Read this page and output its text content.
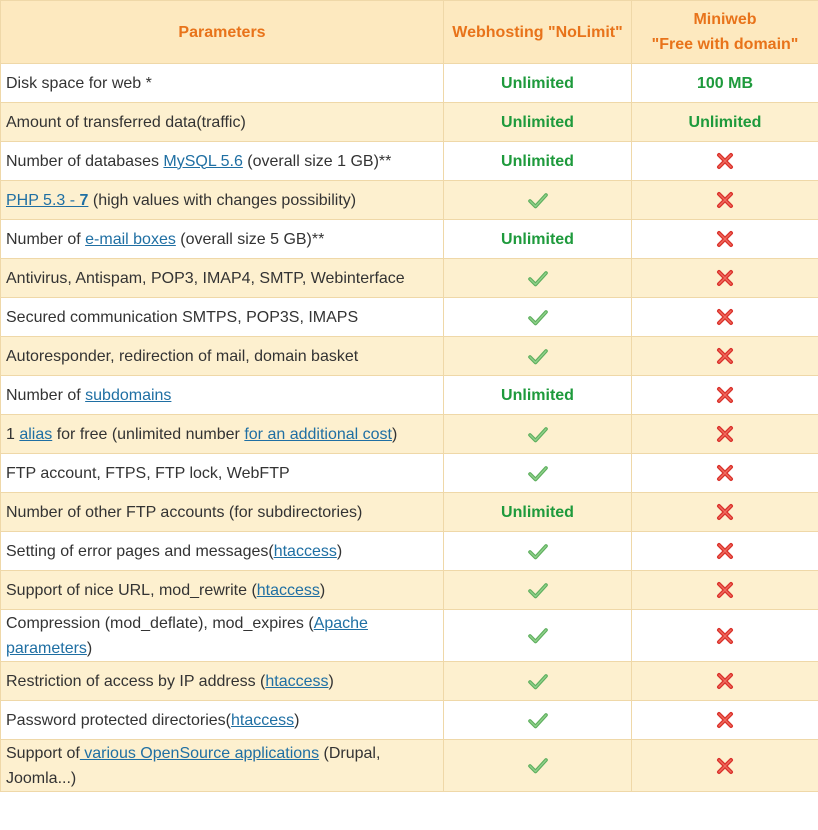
Parameters	Webhosting "NoLimit"	Miniweb
"Free with domain"

Disk space for web *	Unlimited	100 MB
Amount of transferred data(traffic)	Unlimited	Unlimited
Number of databases MySQL 5.6 (overall size 1 GB)**	Unlimited	

PHP 5.3 - 7 (high values with changes possibility)	

Number of e-mail boxes (overall size 5 GB)**	Unlimited	

Antivirus, Antispam, POP3, IMAP4, SMTP, Webinterface	

Secured communication SMTPS, POP3S, IMAPS	

Autoresponder, redirection of mail, domain basket	

Number of subdomains	Unlimited	

1 alias for free (unlimited number for an additional cost)	

FTP account, FTPS, FTP lock, WebFTP	

Number of other FTP accounts (for subdirectories)	Unlimited	

Setting of error pages and messages(htaccess)	

Support of nice URL, mod_rewrite (htaccess)	

Compression (mod_deflate), mod_expires (Apache parameters)	

Restriction of access by IP address (htaccess)	

Password protected directories(htaccess)	

Support of various OpenSource applications (Drupal, Joomla...)	
